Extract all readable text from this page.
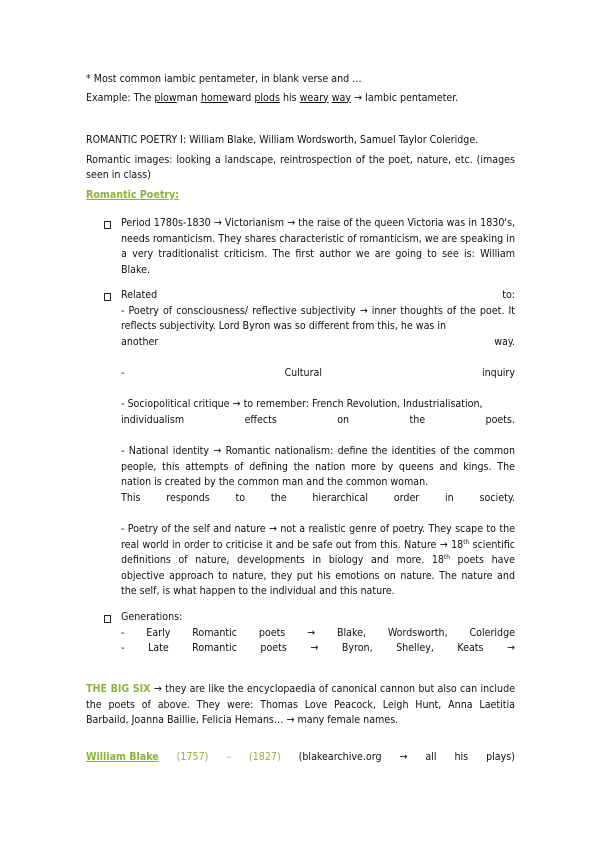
* Most common iambic pentameter, in blank verse and …

Example: The plowman homeward plods his weary way → Iambic pentameter.

ROMANTIC POETRY I: William Blake, William Wordsworth, Samuel Taylor Coleridge.

Romantic images: looking a landscape, reintrospection of the poet, nature, etc. (images seen in class)

Romantic Poetry:

Period 1780s-1830 → Victorianism → the raise of the queen Victoria was in 1830's, needs romanticism. They shares characteristic of romanticism, we are speaking in a very traditionalist criticism. The first author we are going to see is: William Blake.

Related	to:

- Poetry of consciousness/ reflective subjectivity → inner thoughts of the poet. It reflects subjectivity. Lord Byron was so different from this, he was in

another	way.
-	Cultural	inquiry

- Sociopolitical critique → to remember: French Revolution, Industrialisation,

individualism	effects	on	the	poets.

- National identity → Romantic nationalism: define the identities of the common people, this attempts of defining the nation more by queens and kings. The nation is created by the common man and the common woman.

This responds to the hierarchical order in society.

- Poetry of the self and nature → not a realistic genre of poetry. They scape to the real world in order to criticise it and be safe out from this. Nature → 18th scientific definitions of nature, developments in biology and more. 18th poets have objective approach to nature, they put his emotions on nature. The nature and the self, is what happen to the individual and this nature.

Generations:

- Early Romantic poets → Blake, Wordsworth, Coleridge
- Late Romantic poets → Byron, Shelley, Keats →

THE BIG SIX → they are like the encyclopaedia of canonical cannon but also can include the poets of above. They were: Thomas Love Peacock, Leigh Hunt, Anna Laetitia Barbaild, Joanna Baillie, Felicia Hemans… → many female names.

William Blake (1757) – (1827) (blakearchive.org → all his plays)
